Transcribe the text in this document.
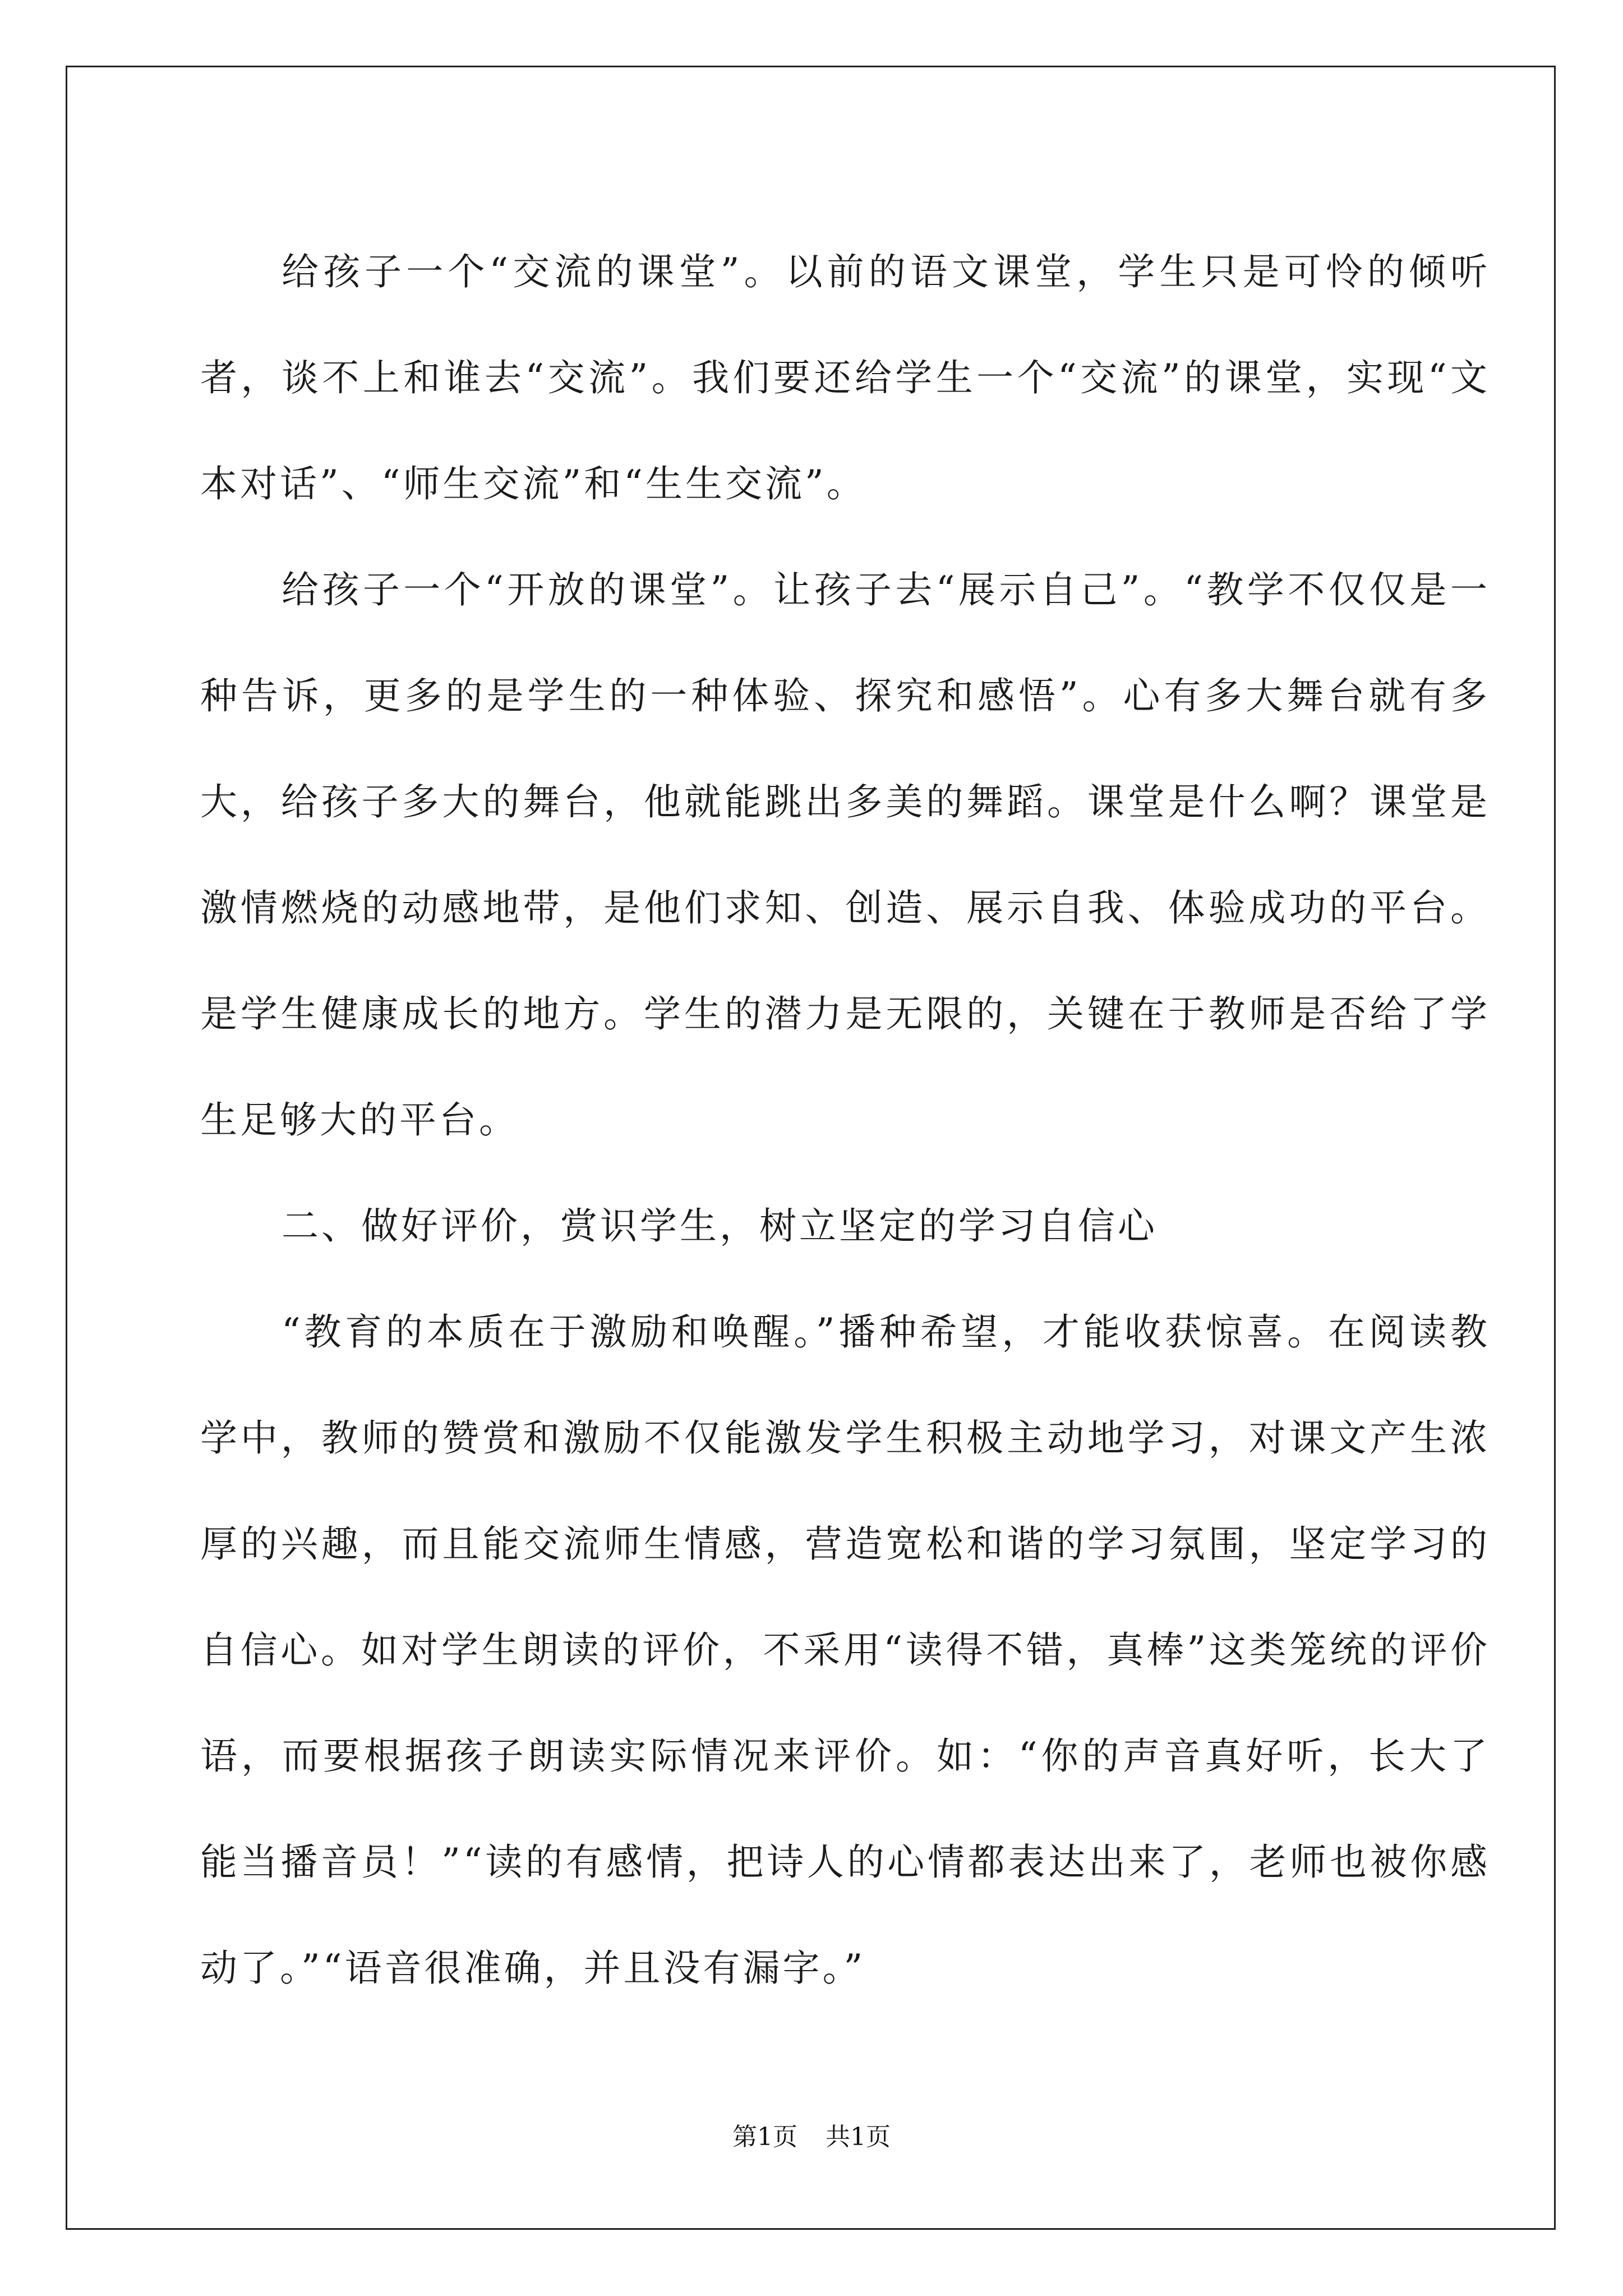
给孩子一个“交流的课堂”。以前的语文课堂，学生只是可怜的倾听者，谈不上和谁去“交流”。我们要还给学生一个“交流”的课堂，实现“文本对话”、“师生交流”和“生生交流”。

给孩子一个“开放的课堂”。让孩子去“展示自己”。“教学不仅仅是一种告诉，更多的是学生的一种体验、探究和感悟”。心有多大舞台就有多大，给孩子多大的舞台，他就能跳出多美的舞蹈。课堂是什么啊？课堂是激情燃烧的动感地带，是他们求知、创造、展示自我、体验成功的平台。是学生健康成长的地方。学生的潜力是无限的，关键在于教师是否给了学生足够大的平台。

二、做好评价，赏识学生，树立坚定的学习自信心

“教育的本质在于激励和唤醒。”播种希望，才能收获惊喜。在阅读教学中，教师的赞赏和激励不仅能激发学生积极主动地学习，对课文产生浓厚的兴趣，而且能交流师生情感，营造宽松和谐的学习氛围，坚定学习的自信心。如对学生朗读的评价，不采用“读得不错，真棒”这类笼统的评价语，而要根据孩子朗读实际情况来评价。如：“你的声音真好听，长大了能当播音员！”“读的有感情，把诗人的心情都表达出来了，老师也被你感动了。”“语音很准确，并且没有漏字。”

第1页 共1页
